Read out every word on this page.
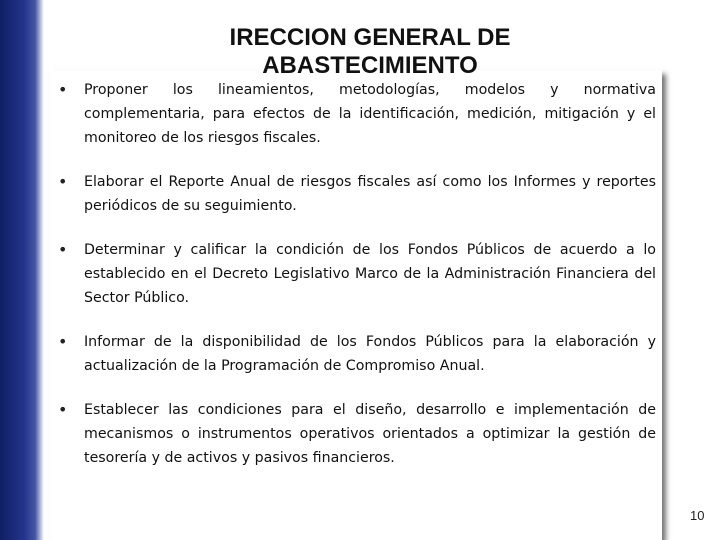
• Proponer los lineamientos, metodologías, modelos y normativa complementaria, para efectos de la identificación, medición, mitigación y el monitoreo de los riesgos fiscales.
• Elaborar el Reporte Anual de riesgos fiscales así como los Informes y reportes periódicos de su seguimiento.
• Determinar y calificar la condición de los Fondos Públicos de acuerdo a lo establecido en el Decreto Legislativo Marco de la Administración Financiera del Sector Público.
• Informar de la disponibilidad de los Fondos Públicos para la elaboración y actualización de la Programación de Compromiso Anual.
• Establecer las condiciones para el diseño, desarrollo e implementación de mecanismos o instrumentos operativos orientados a optimizar la gestión de tesorería y de activos y pasivos financieros.
IRECCION GENERAL DE ABASTECIMIENTO
10
